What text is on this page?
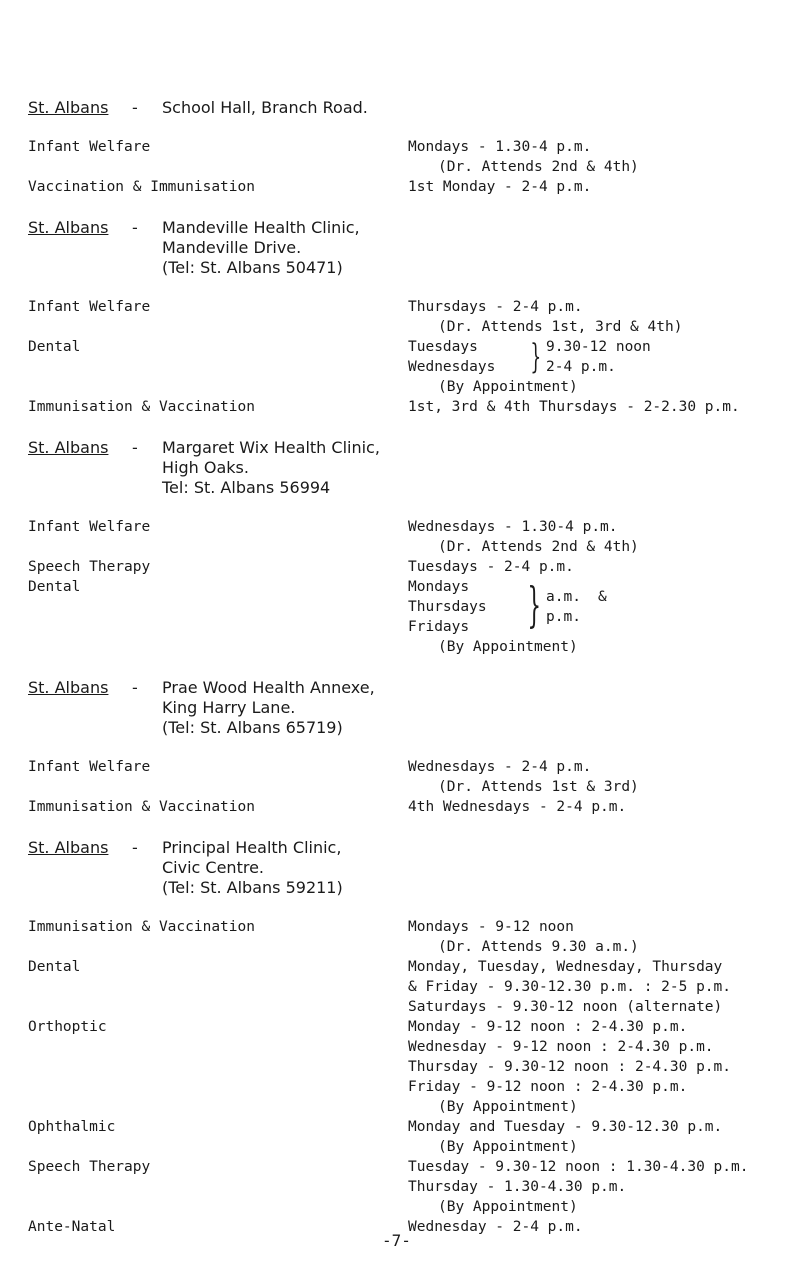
St. Albans - School Hall, Branch Road.
Infant Welfare
Vaccination & Immunisation
Mondays - 1.30-4 p.m.
(Dr. Attends 2nd & 4th)
1st Monday - 2-4 p.m.
St. Albans - Mandeville Health Clinic,
Mandeville Drive.
(Tel: St. Albans 50471)
Infant Welfare
Dental
Immunisation & Vaccination
Thursdays - 2-4 p.m.
(Dr. Attends 1st, 3rd & 4th)
Tuesdays
Wednesdays } 9.30-12 noon
2-4 p.m.
(By Appointment)
1st, 3rd & 4th Thursdays - 2-2.30 p.m.
St. Albans - Margaret Wix Health Clinic,
High Oaks.
Tel: St. Albans 56994
Infant Welfare
Speech Therapy
Dental
Wednesdays - 1.30-4 p.m.
(Dr. Attends 2nd & 4th)
Tuesdays - 2-4 p.m.
Mondays
Thursdays
Fridays } a.m.
p.m.
&
(By Appointment)
St. Albans - Prae Wood Health Annexe,
King Harry Lane.
(Tel: St. Albans 65719)
Infant Welfare
Immunisation & Vaccination
Wednesdays - 2-4 p.m.
(Dr. Attends 1st & 3rd)
4th Wednesdays - 2-4 p.m.
St. Albans - Principal Health Clinic,
Civic Centre.
(Tel: St. Albans 59211)
Immunisation & Vaccination
Dental
Orthoptic
Ophthalmic
Speech Therapy
Ante-Natal
Mondays - 9-12 noon
(Dr. Attends 9.30 a.m.)
Monday, Tuesday, Wednesday, Thursday
& Friday - 9.30-12.30 p.m. : 2-5 p.m.
Saturdays - 9.30-12 noon (alternate)
Monday - 9-12 noon : 2-4.30 p.m.
Wednesday - 9-12 noon : 2-4.30 p.m.
Thursday - 9.30-12 noon : 2-4.30 p.m.
Friday - 9-12 noon : 2-4.30 p.m.
(By Appointment)
Monday and Tuesday - 9.30-12.30 p.m.
(By Appointment)
Tuesday - 9.30-12 noon : 1.30-4.30 p.m.
Thursday - 1.30-4.30 p.m.
(By Appointment)
Wednesday - 2-4 p.m.
-7-
